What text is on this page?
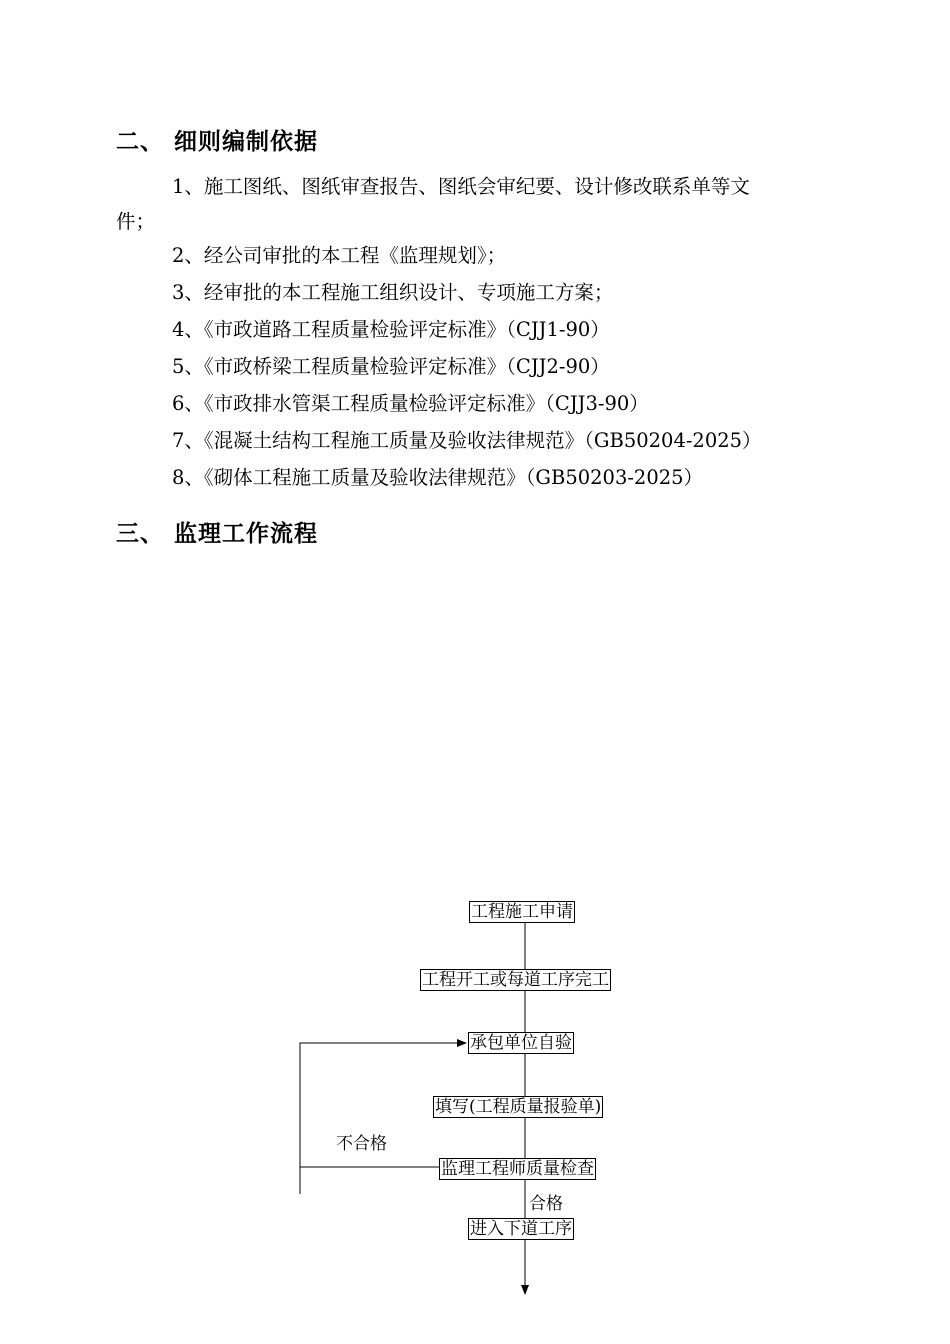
二、 细则编制依据
1、施工图纸、图纸审查报告、图纸会审纪要、设计修改联系单等文
件；
2、经公司审批的本工程《监理规划》；
3、经审批的本工程施工组织设计、专项施工方案；
4、《市政道路工程质量检验评定标准》（CJJ1-90）
5、《市政桥梁工程质量检验评定标准》（CJJ2-90）
6、《市政排水管渠工程质量检验评定标准》（CJJ3-90）
7、《混凝土结构工程施工质量及验收法律规范》（GB50204-2025）
8、《砌体工程施工质量及验收法律规范》（GB50203-2025）
三、 监理工作流程
工程施工申请
工程开工或每道工序完工
承包单位自验
填写(工程质量报验单)
监理工程师质量检查
进入下道工序
不合格
合格
